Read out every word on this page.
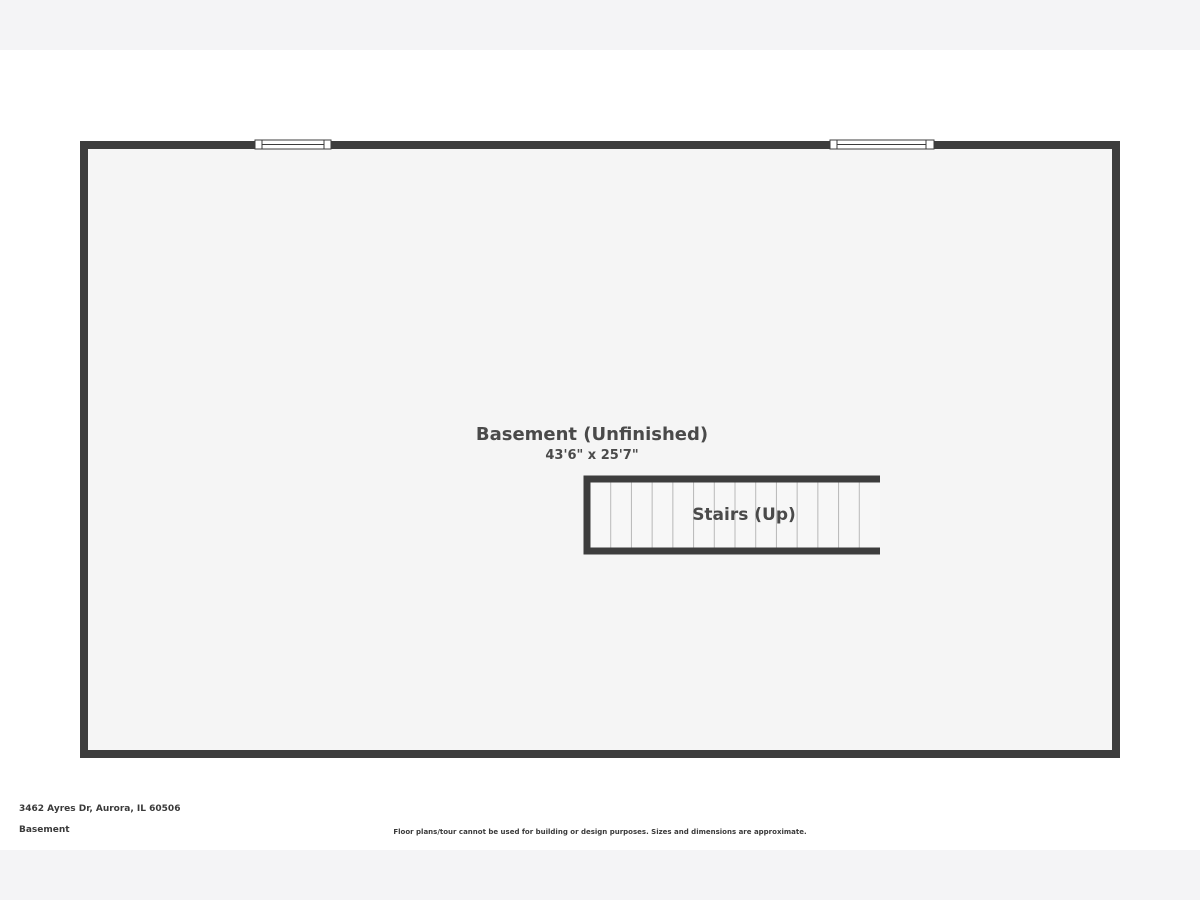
Basement (Unfinished)
43'6" x 25'7"
Stairs (Up)
3462 Ayres Dr, Aurora, IL 60506
Basement	Floor plans/tour cannot be used for building or design purposes. Sizes and dimensions are approximate.
